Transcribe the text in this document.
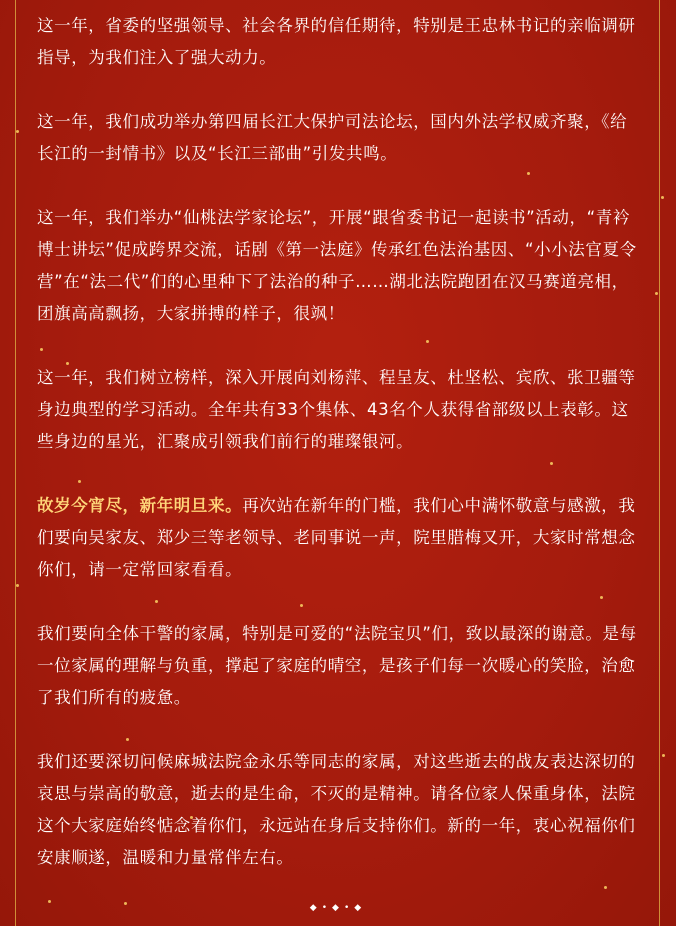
这一年，省委的坚强领导、社会各界的信任期待，特别是王忠林书记的亲临调研指导，为我们注入了强大动力。

这一年，我们成功举办第四届长江大保护司法论坛，国内外法学权威齐聚，《给长江的一封情书》以及“长江三部曲”引发共鸣。

这一年，我们举办“仙桃法学家论坛”，开展“跟省委书记一起读书”活动，“青衿博士讲坛”促成跨界交流，话剧《第一法庭》传承红色法治基因、“小小法官夏令营”在“法二代”们的心里种下了法治的种子……湖北法院跑团在汉马赛道亮相，团旗高高飘扬，大家拼搏的样子，很飒！

这一年，我们树立榜样，深入开展向刘杨萍、程呈友、杜坚松、宾欣、张卫疆等身边典型的学习活动。全年共有33个集体、43名个人获得省部级以上表彰。这些身边的星光，汇聚成引领我们前行的璀璨银河。

故岁今宵尽，新年明旦来。再次站在新年的门槛，我们心中满怀敬意与感激，我们要向吴家友、郑少三等老领导、老同事说一声，院里腊梅又开，大家时常想念你们，请一定常回家看看。

我们要向全体干警的家属，特别是可爱的“法院宝贝”们，致以最深的谢意。是每一位家属的理解与负重，撑起了家庭的晴空，是孩子们每一次暖心的笑脸，治愈了我们所有的疲惫。

我们还要深切问候麻城法院金永乐等同志的家属，对这些逝去的战友表达深切的哀思与崇高的敬意，逝去的是生命，不灭的是精神。请各位家人保重身体，法院这个大家庭始终惦念着你们，永远站在身后支持你们。新的一年，衷心祝福你们安康顺遂，温暖和力量常伴左右。

◆•◆•◆
